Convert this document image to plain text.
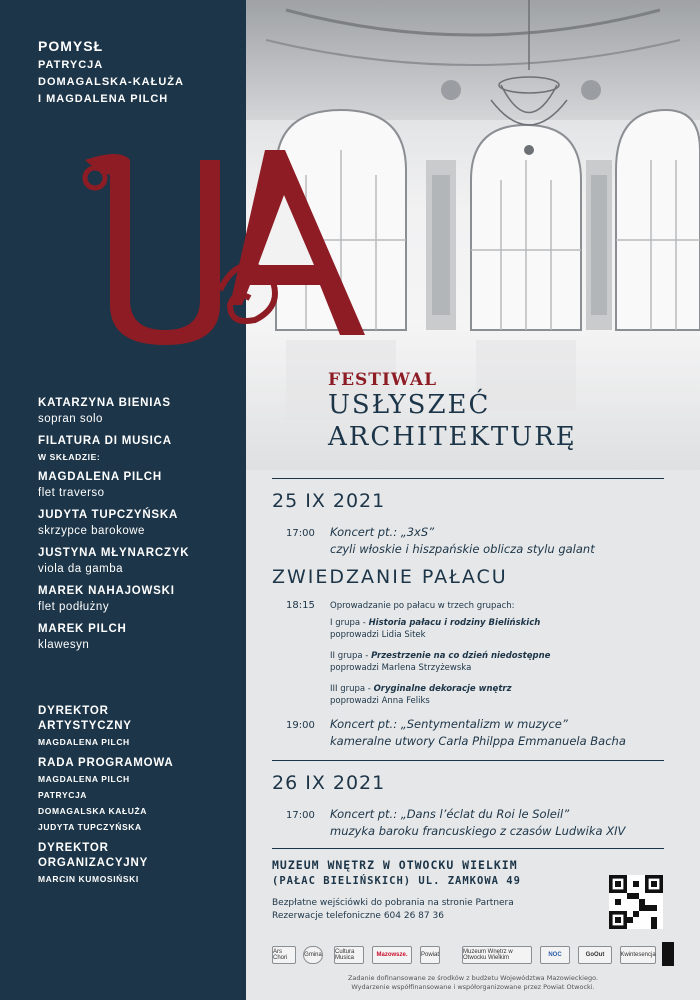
POMYSŁ
PATRYCJA
DOMAGALSKA-KAŁUŻA
I MAGDALENA PILCH
KATARZYNA BIENIAS
sopran solo
FILATURA DI MUSICA
W SKŁADZIE:
MAGDALENA PILCH
flet traverso
JUDYTA TUPCZYŃSKA
skrzypce barokowe
JUSTYNA MŁYNARCZYK
viola da gamba
MAREK NAHAJOWSKI
flet podłużny
MAREK PILCH
klawesyn
DYREKTOR
ARTYSTYCZNY
MAGDALENA PILCH
RADA PROGRAMOWA
MAGDALENA PILCH
PATRYCJA
DOMAGALSKA KAŁUŻA
JUDYTA TUPCZYŃSKA
DYREKTOR
ORGANIZACYJNY
MARCIN KUMOSIŃSKI
FESTIWAL
USŁYSZEĆ
ARCHITEKTURĘ
25 IX 2021
17:00 Koncert pt.: „3xS”
czyli włoskie i hiszpańskie oblicza stylu galant
ZWIEDZANIE PAŁACU
18:15 Oprowadzanie po pałacu w trzech grupach:
I grupa - Historia pałacu i rodziny Bielińskich
poprowadzi Lidia Sitek
II grupa - Przestrzenie na co dzień niedostępne
poprowadzi Marlena Strzyżewska
III grupa - Oryginalne dekoracje wnętrz
poprowadzi Anna Feliks
19:00 Koncert pt.: „Sentymentalizm w muzyce”
kameralne utwory Carla Philppa Emmanuela Bacha
26 IX 2021
17:00 Koncert pt.: „Dans l’éclat du Roi le Soleil”
muzyka baroku francuskiego z czasów Ludwika XIV
MUZEUM WNĘTRZ W OTWOCKU WIELKIM
(PAŁAC BIELIŃSKICH) UL. ZAMKOWA 49
Bezpłatne wejściówki do pobrania na stronie Partnera
Rezerwacje telefoniczne 604 26 87 36
Ars Chori	Gmina Cultura Musica	Mazowsze.	Powiat	Muzeum Wnętrz w Otwocku Wielkim	NOC	GoOut	Kwintesencja
Zadanie dofinansowane ze środków z budżetu Województwa Mazowieckiego.
Wydarzenie współfinansowane i współorganizowane przez Powiat Otwocki.
